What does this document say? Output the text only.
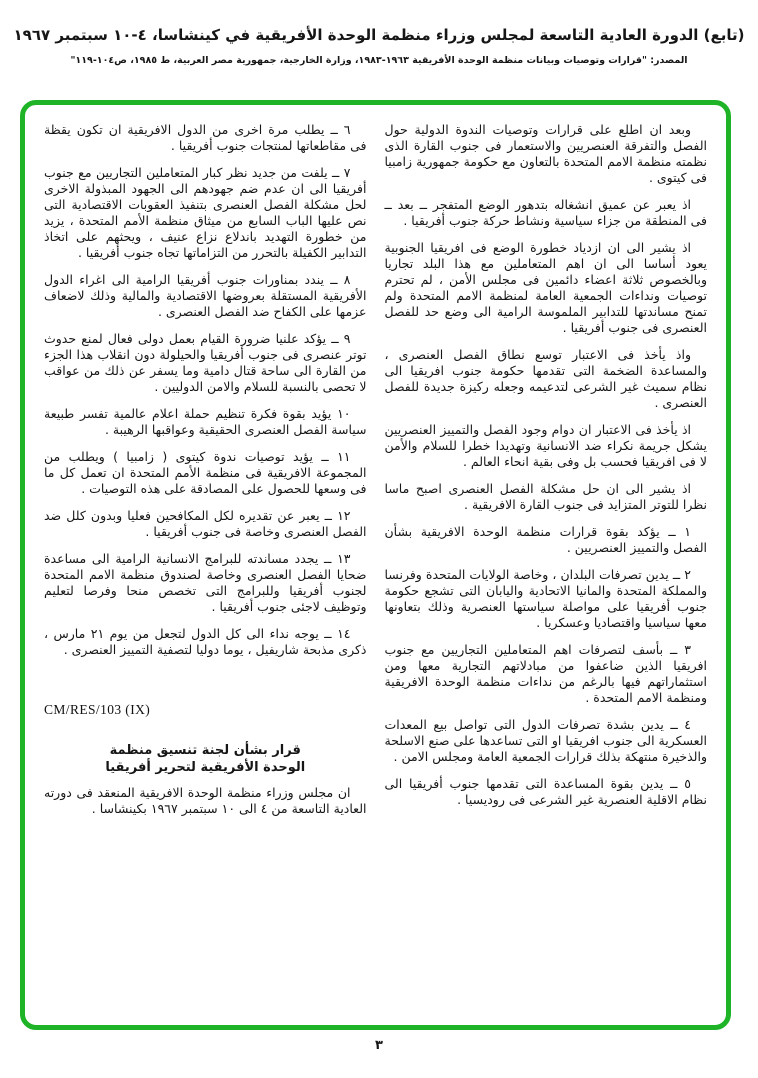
(تابع) الدورة العادية التاسعة لمجلس وزراء منظمة الوحدة الأفريقية في كينشاسا، ٤-١٠ سبتمبر ١٩٦٧
المصدر: "قرارات وتوصيات وبيانات منظمة الوحدة الأفريقية ١٩٦٣-١٩٨٣، وزارة الخارجية، جمهورية مصر العربية، ط ١٩٨٥، ص١٠٤-١١٩"

وبعد ان اطلع على قرارات وتوصيات الندوة الدولية حول الفصل والتفرقة العنصريين والاستعمار فى جنوب القارة الذى نظمته منظمة الامم المتحدة بالتعاون مع حكومة جمهورية زامبيا فى كيتوى .

اذ يعبر عن عميق انشغاله بتدهور الوضع المتفجر ــ بعد ــ فى المنطقة من جزاء سياسية ونشاط حركة جنوب أفريقيا .

اذ يشير الى ان ازدياد خطورة الوضع فى افريقيا الجنوبية يعود أساسا الى ان اهم المتعاملين مع هذا البلد تجاريا وبالخصوص ثلاثة اعضاء دائمين فى مجلس الأمن ، لم تحترم توصيات ونداءات الجمعية العامة لمنظمة الامم المتحدة ولم تمنح مساندتها للتدابير الملموسة الرامية الى وضع حد للفصل العنصرى فى جنوب أفريقيا .

واذ يأخذ فى الاعتبار توسع نطاق الفصل العنصرى ، والمساعدة الضخمة التى تقدمها حكومة جنوب افريقيا الى نظام سميث غير الشرعى لتدعيمه وجعله ركيزة جديدة للفصل العنصرى .

اذ يأخذ فى الاعتبار ان دوام وجود الفصل والتمييز العنصريين يشكل جريمة نكراء ضد الانسانية وتهديدا خطرا للسلام والأمن لا فى افريقيا فحسب بل وفى بقية انحاء العالم .

اذ يشير الى ان حل مشكلة الفصل العنصرى اصبح ماسا نظرا للتوتر المتزايد فى جنوب القارة الافريقية .

١ ــ يؤكد بقوة قرارات منظمة الوحدة الافريقية بشأن الفصل والتمييز العنصريين .

٢ ــ يدين تصرفات البلدان ، وخاصة الولايات المتحدة وفرنسا والمملكة المتحدة والمانيا الاتحادية واليابان التى تشجع حكومة جنوب أفريقيا على مواصلة سياستها العنصرية وذلك بتعاونها معها سياسيا واقتصاديا وعسكريا .

٣ ــ بأسف لتصرفات اهم المتعاملين التجاريين مع جنوب افريقيا الذين ضاعفوا من مبادلاتهم التجارية معها ومن استثماراتهم فيها بالرغم من نداءات منظمة الوحدة الافريقية ومنظمة الامم المتحدة .

٤ ــ يدين بشدة تصرفات الدول التى تواصل بيع المعدات العسكرية الى جنوب افريقيا او التى تساعدها على صنع الاسلحة والذخيرة منتهكة بذلك قرارات الجمعية العامة ومجلس الامن .

٥ ــ يدين بقوة المساعدة التى تقدمها جنوب أفريقيا الى نظام الاقلية العنصرية غير الشرعى فى روديسيا .

٦ ــ يطلب مرة اخرى من الدول الافريقية ان تكون يقظة فى مقاطعاتها لمنتجات جنوب أفريقيا .

٧ ــ يلفت من جديد نظر كبار المتعاملين التجاريين مع جنوب أفريقيا الى ان عدم ضم جهودهم الى الجهود المبذولة الاخرى لحل مشكلة الفصل العنصرى بتنفيذ العقوبات الاقتصادية التى نص عليها الباب السابع من ميثاق منظمة الأمم المتحدة ، يزيد من خطورة التهديد باندلاع نزاع عنيف ، ويحثهم على اتخاذ التدابير الكفيلة بالتحرر من التزاماتها تجاه جنوب أفريقيا .

٨ ــ يندد بمناورات جنوب أفريقيا الرامية الى اغراء الدول الأفريقية المستقلة بعروضها الاقتصادية والمالية وذلك لاضعاف عزمها على الكفاح ضد الفصل العنصرى .

٩ ــ يؤكد علنيا ضرورة القيام بعمل دولى فعال لمنع حدوث توتر عنصرى فى جنوب أفريقيا والحيلولة دون انقلاب هذا الجزء من القارة الى ساحة قتال دامية وما يسفر عن ذلك من عواقب لا تحصى بالنسبة للسلام والامن الدوليين .

١٠ يؤيد بقوة فكرة تنظيم حملة اعلام عالمية تفسر طبيعة سياسة الفصل العنصرى الحقيقية وعواقبها الرهيبة .

١١ ــ يؤيد توصيات ندوة كيتوى ( زامبيا ) ويطلب من المجموعة الافريقية فى منظمة الأمم المتحدة ان تعمل كل ما فى وسعها للحصول على المصادقة على هذه التوصيات .

١٢ ــ يعبر عن تقديره لكل المكافحين فعليا وبدون كلل ضد الفصل العنصرى وخاصة فى جنوب أفريقيا .

١٣ ــ يجدد مساندته للبرامج الانسانية الرامية الى مساعدة ضحايا الفصل العنصرى وخاصة لصندوق منظمة الامم المتحدة لجنوب أفريقيا وللبرامج التى تخصص منحا وفرصا لتعليم وتوظيف لاجئى جنوب أفريقيا .

١٤ ــ يوجه نداء الى كل الدول لتجعل من يوم ٢١ مارس ، ذكرى مذبحة شاريفيل ، يوما دوليا لتصفية التمييز العنصرى .

CM/RES/103 (IX)
قرار بشأن لجنة تنسيق منظمة
الوحدة الأفريقية لتحرير أفريقيا

ان مجلس وزراء منظمة الوحدة الافريقية المنعقد فى دورته العادية التاسعة من ٤ الى ١٠ سبتمبر ١٩٦٧ بكينشاسا .

٣
